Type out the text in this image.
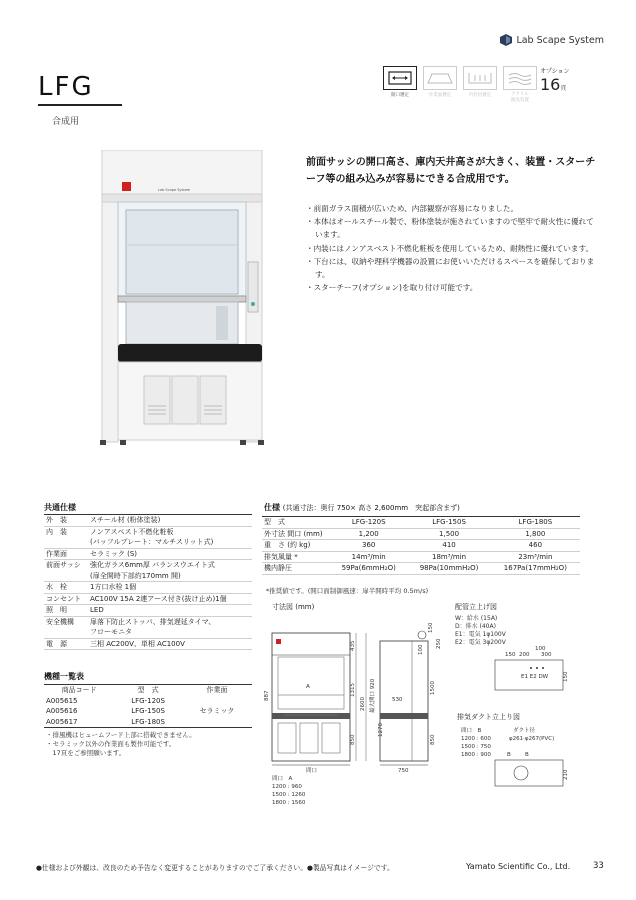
Lab Scape System
LFG
合成用
開口選定	作業面選定	内装材選定	アクリル
換気装置
オプション
16頁
Lab Scape System
前面サッシの開口高さ、庫内天井高さが大きく、装置・スターチーフ等の組み込みが容易にできる合成用です。
・前面ガラス面積が広いため、内部観察が容易になりました。
・本体はオールスチール製で、粉体塗装が施されていますので堅牢で耐火性に優れています。
・内装にはノンアスベスト不燃化粧板を使用しているため、耐熱性に優れています。
・下台には、収納や理科学機器の設置にお使いいただけるスペースを確保しております。
・スターチーフ(オプション)を取り付け可能です。
共通仕様
外　装	スチール材 (粉体塗装)
内　装	ノンアスベスト不燃化粧板
(バッフルプレート：マルチスリット式)
作業面	セラミック (S)
前面サッシ	強化ガラス6mm厚 バランスウエイト式
(扉全開時下部約170mm 開)
水　栓	1方口水栓 1個
コンセント	AC100V 15A 2連アース付き(抜け止め)1個
照　明	LED
安全機構	扉落下防止ストッパ、排気遅延タイマ、
フローモニタ
電　源	三相 AC200V、単相 AC100V
仕様 (共通寸法：奥行 750× 高さ 2,600mm　突起部含まず)
型　式	LFG-120S	LFG-150S	LFG-180S
外寸法 間口 (mm)	1,200	1,500	1,800
重　さ (約 kg)	360	410	460
排気風量 *	14m³/min	18m³/min	23m³/min
機内静圧	59Pa(6mmH₂O)	98Pa(10mmH₂O)	167Pa(17mmH₂O)
*推奨値です。(開口面制御風速：扉半開時平均 0.5m/s)
機種一覧表
商品コード	型　式	作業面
A005615	LFG-120S	セラミック
A005616	LFG-150S	
A005617	LFG-180S	
・排風機はヒュームフード上部に搭載できません。
・セラミック以外の作業面も製作可能です。
　17頁をご参照願います。
寸法図 (mm)
A
887
間口
435
1315
850
2600 最大開口 920	530
1270
1500
850
150
100
250
750
間口　A
1200 : 960
1500 : 1260
1800 : 1560
配管立上げ図
W：給水 (15A)
D：排水 (40A)
E1：電気 1φ100V
E2：電気 3φ200V
150 200
100
300
E1 E2 DW	150
排気ダクト立上り図
間口　B
1200 : 600
1500 : 750
1800 : 900
ダクト径
φ261·φ267(PVC)
B	B
210
●仕様および外観は、改良のため予告なく変更することがありますのでご了承ください。●製品写真はイメージです。	Yamato Scientific Co., Ltd.	33
